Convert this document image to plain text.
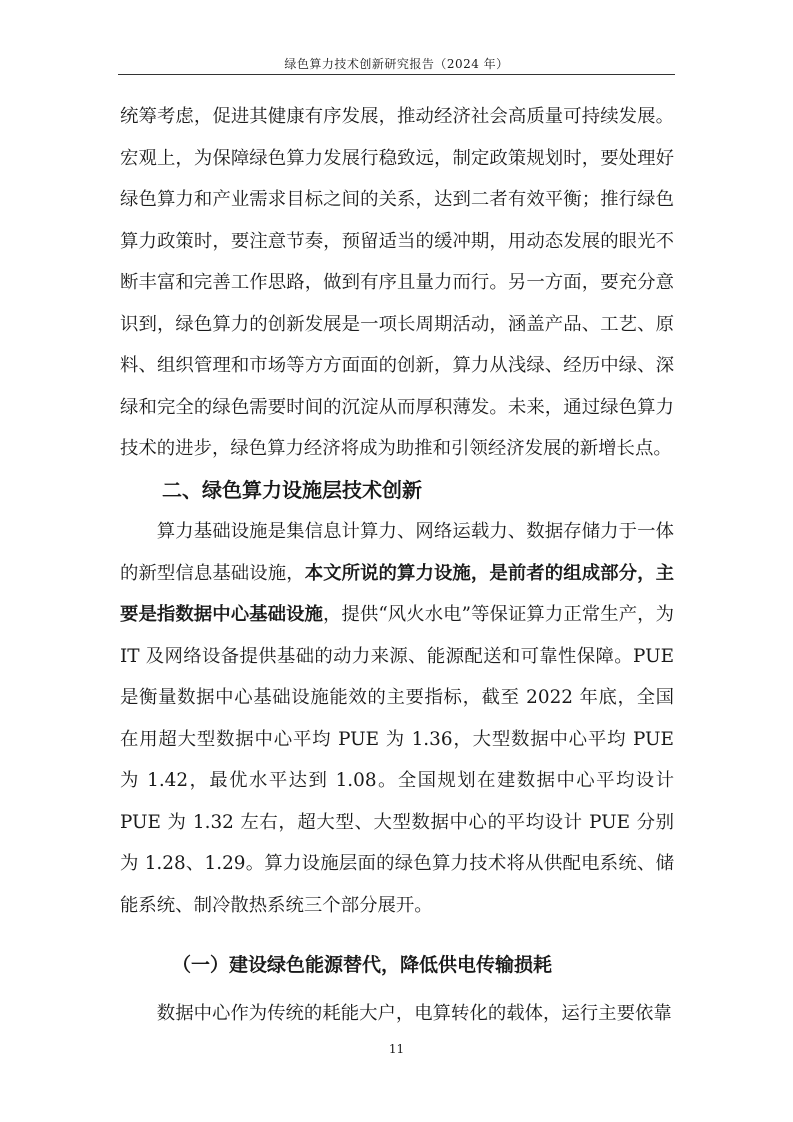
绿色算力技术创新研究报告（2024 年）

统筹考虑，促进其健康有序发展，推动经济社会高质量可持续发展。宏观上，为保障绿色算力发展行稳致远，制定政策规划时，要处理好绿色算力和产业需求目标之间的关系，达到二者有效平衡；推行绿色算力政策时，要注意节奏，预留适当的缓冲期，用动态发展的眼光不断丰富和完善工作思路，做到有序且量力而行。另一方面，要充分意识到，绿色算力的创新发展是一项长周期活动，涵盖产品、工艺、原料、组织管理和市场等方方面面的创新，算力从浅绿、经历中绿、深绿和完全的绿色需要时间的沉淀从而厚积薄发。未来，通过绿色算力技术的进步，绿色算力经济将成为助推和引领经济发展的新增长点。

二、绿色算力设施层技术创新

算力基础设施是集信息计算力、网络运载力、数据存储力于一体的新型信息基础设施，本文所说的算力设施，是前者的组成部分，主要是指数据中心基础设施，提供“风火水电”等保证算力正常生产，为 IT 及网络设备提供基础的动力来源、能源配送和可靠性保障。PUE 是衡量数据中心基础设施能效的主要指标，截至 2022 年底，全国在用超大型数据中心平均 PUE 为 1.36，大型数据中心平均 PUE 为 1.42，最优水平达到 1.08。全国规划在建数据中心平均设计 PUE 为 1.32 左右，超大型、大型数据中心的平均设计 PUE 分别为 1.28、1.29。算力设施层面的绿色算力技术将从供配电系统、储能系统、制冷散热系统三个部分展开。

（一）建设绿色能源替代，降低供电传输损耗

数据中心作为传统的耗能大户，电算转化的载体，运行主要依靠

11
